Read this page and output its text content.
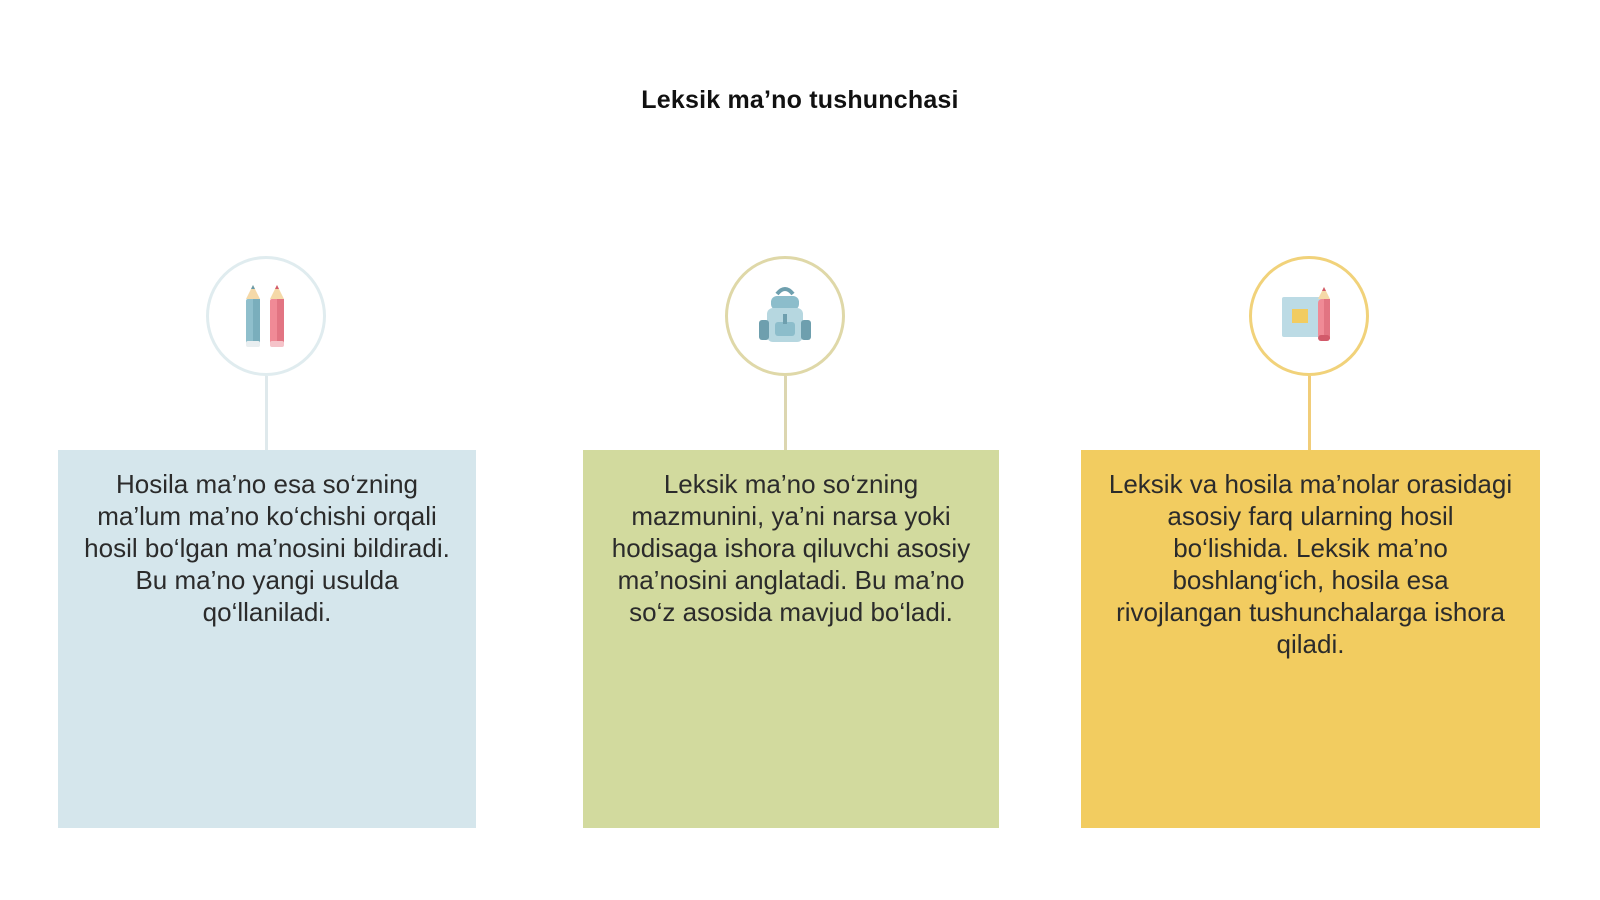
Leksik ma’no tushunchasi
Hosila ma’no esa so‘zning ma’lum ma’no ko‘chishi orqali hosil bo‘lgan ma’nosini bildiradi. Bu ma’no yangi usulda qo‘llaniladi.
Leksik ma’no so‘zning mazmunini, ya’ni narsa yoki hodisaga ishora qiluvchi asosiy ma’nosini anglatadi. Bu ma’no so‘z asosida mavjud bo‘ladi.
Leksik va hosila ma’nolar orasidagi asosiy farq ularning hosil bo‘lishida. Leksik ma’no boshlang‘ich, hosila esa rivojlangan tushunchalarga ishora qiladi.
